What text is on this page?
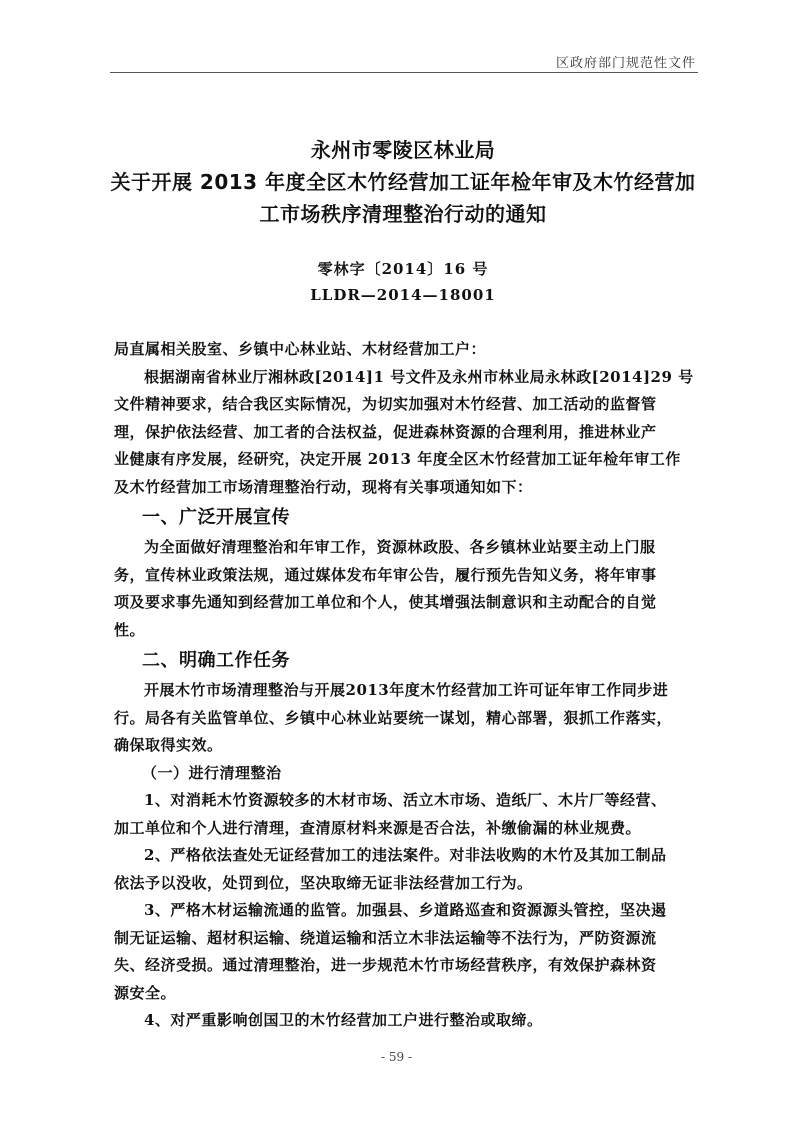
区政府部门规范性文件
永州市零陵区林业局
关于开展 2013 年度全区木竹经营加工证年检年审及木竹经营加
工市场秩序清理整治行动的通知
零林字〔2014〕16 号
LLDR—2014—18001
局直属相关股室、乡镇中心林业站、木材经营加工户：
根据湖南省林业厅湘林政[2014]1 号文件及永州市林业局永林政[2014]29 号
文件精神要求，结合我区实际情况，为切实加强对木竹经营、加工活动的监督管
理，保护依法经营、加工者的合法权益，促进森林资源的合理利用，推进林业产
业健康有序发展，经研究，决定开展 2013 年度全区木竹经营加工证年检年审工作
及木竹经营加工市场清理整治行动，现将有关事项通知如下：
一、广泛开展宣传
为全面做好清理整治和年审工作，资源林政股、各乡镇林业站要主动上门服
务，宣传林业政策法规，通过媒体发布年审公告，履行预先告知义务，将年审事
项及要求事先通知到经营加工单位和个人，使其增强法制意识和主动配合的自觉
性。
二、明确工作任务
开展木竹市场清理整治与开展2013年度木竹经营加工许可证年审工作同步进
行。局各有关监管单位、乡镇中心林业站要统一谋划，精心部署，狠抓工作落实，
确保取得实效。
（一）进行清理整治
1、对消耗木竹资源较多的木材市场、活立木市场、造纸厂、木片厂等经营、
加工单位和个人进行清理，查清原材料来源是否合法，补缴偷漏的林业规费。
2、严格依法查处无证经营加工的违法案件。对非法收购的木竹及其加工制品
依法予以没收，处罚到位，坚决取缔无证非法经营加工行为。
3、严格木材运输流通的监管。加强县、乡道路巡查和资源源头管控，坚决遏
制无证运输、超材积运输、绕道运输和活立木非法运输等不法行为，严防资源流
失、经济受损。通过清理整治，进一步规范木竹市场经营秩序，有效保护森林资
源安全。
4、对严重影响创国卫的木竹经营加工户进行整治或取缔。
- 59 -
